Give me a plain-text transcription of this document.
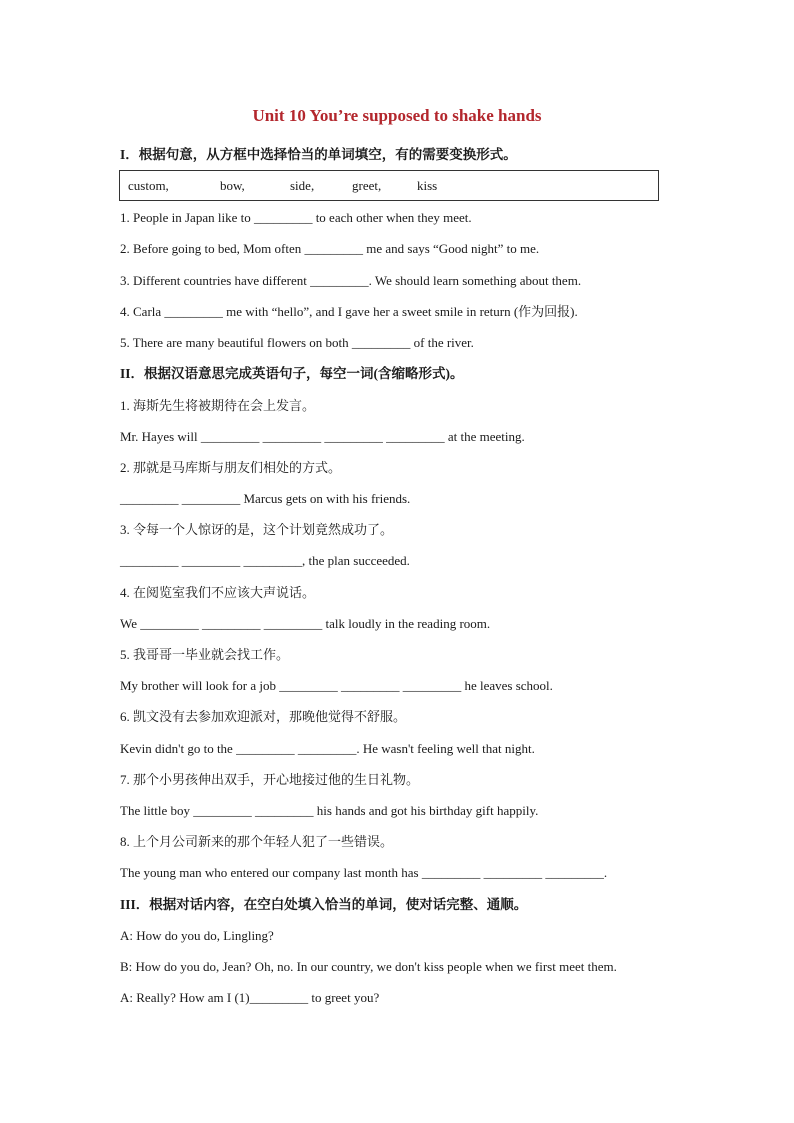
Unit 10 You’re supposed to shake hands
I．根据句意，从方框中选择恰当的单词填空，有的需要变换形式。
custom,	bow,	side,	greet,	kiss
1. People in Japan like to _________ to each other when they meet.
2. Before going to bed, Mom often _________ me and says “Good night” to me.
3. Different countries have different _________. We should learn something about them.
4. Carla _________ me with “hello”, and I gave her a sweet smile in return (作为回报).
5. There are many beautiful flowers on both _________ of the river.
II．根据汉语意思完成英语句子，每空一词(含缩略形式)。
1. 海斯先生将被期待在会上发言。
Mr. Hayes will _________ _________ _________ _________ at the meeting.
2. 那就是马库斯与朋友们相处的方式。
_________ _________ Marcus gets on with his friends.
3. 令每一个人惊讶的是，这个计划竟然成功了。
_________ _________ _________, the plan succeeded.
4. 在阅览室我们不应该大声说话。
We _________ _________ _________ talk loudly in the reading room.
5. 我哥哥一毕业就会找工作。
My brother will look for a job _________ _________ _________ he leaves school.
6. 凯文没有去参加欢迎派对，那晚他觉得不舒服。
Kevin didn't go to the _________ _________. He wasn't feeling well that night.
7. 那个小男孩伸出双手，开心地接过他的生日礼物。
The little boy _________ _________ his hands and got his birthday gift happily.
8. 上个月公司新来的那个年轻人犯了一些错误。
The young man who entered our company last month has _________ _________ _________.
III．根据对话内容，在空白处填入恰当的单词，使对话完整、通顺。
A: How do you do, Lingling?
B: How do you do, Jean? Oh, no. In our country, we don't kiss people when we first meet them.
A: Really? How am I (1)_________ to greet you?
